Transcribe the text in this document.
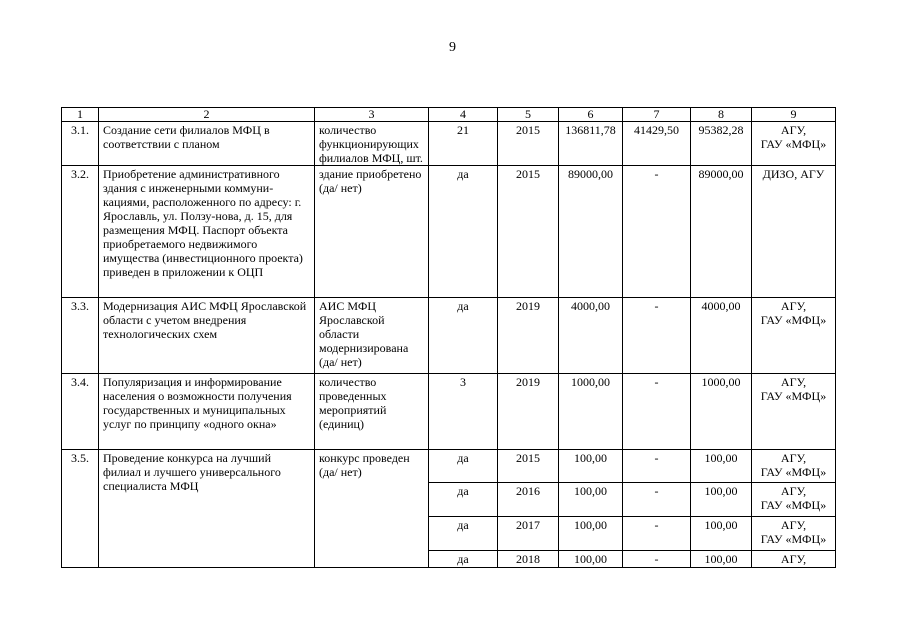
9
1	2	3	4	5	6	7	8	9
3.1.	Создание сети филиалов МФЦ в соответствии с планом	количество функционирующих филиалов МФЦ, шт.	21	2015	136811,78	41429,50	95382,28	АГУ,
ГАУ «МФЦ»
3.2.	Приобретение административного здания с инженерными коммуни-кациями, расположенного по адресу: г. Ярославль, ул. Ползу-нова, д. 15, для размещения МФЦ. Паспорт объекта приобретаемого недвижимого имущества (инвестиционного проекта) приведен в приложении к ОЦП	здание приобретено (да/ нет)	да	2015	89000,00	-	89000,00	ДИЗО, АГУ
3.3.	Модернизация АИС МФЦ Ярославской области с учетом внедрения технологических схем	АИС МФЦ Ярославской области модернизирована (да/ нет)	да	2019	4000,00	-	4000,00	АГУ,
ГАУ «МФЦ»
3.4.	Популяризация и информирование населения о возможности получения государственных и муниципальных услуг по принципу «одного окна»	количество проведенных мероприятий (единиц)	3	2019	1000,00	-	1000,00	АГУ,
ГАУ «МФЦ»
3.5.	Проведение конкурса на лучший филиал и лучшего универсального специалиста МФЦ	конкурс проведен (да/ нет)	да	2015	100,00	-	100,00	АГУ,
ГАУ «МФЦ»
			да	2016	100,00	-	100,00	АГУ,
ГАУ «МФЦ»
			да	2017	100,00	-	100,00	АГУ,
ГАУ «МФЦ»
			да	2018	100,00	-	100,00	АГУ,
